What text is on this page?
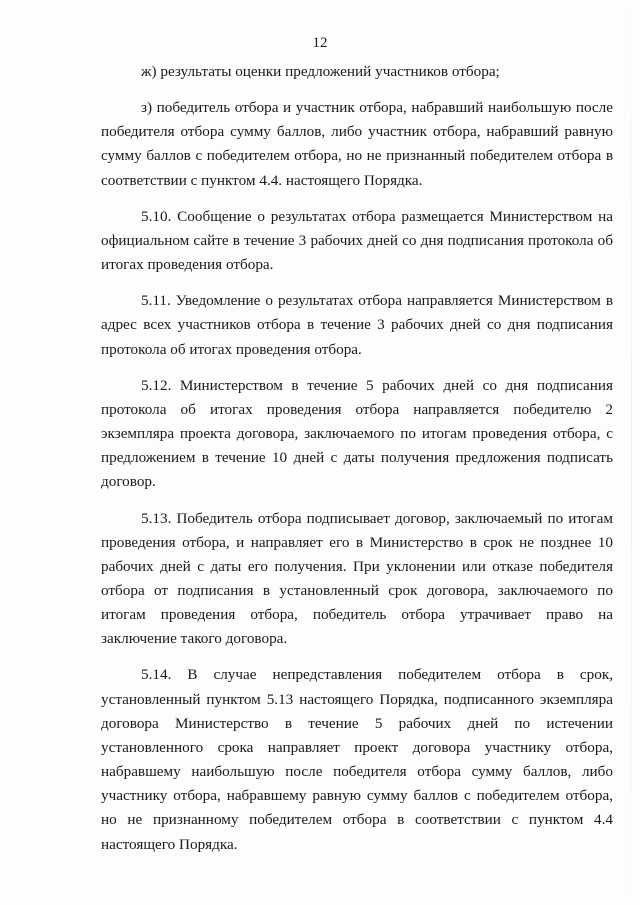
12

ж) результаты оценки предложений участников отбора;

з) победитель отбора и участник отбора, набравший наибольшую после победителя отбора сумму баллов, либо участник отбора, набравший равную сумму баллов с победителем отбора, но не признанный победителем отбора в соответствии с пунктом 4.4. настоящего Порядка.

5.10. Сообщение о результатах отбора размещается Министерством на официальном сайте в течение 3 рабочих дней со дня подписания протокола об итогах проведения отбора.

5.11. Уведомление о результатах отбора направляется Министерством в адрес всех участников отбора в течение 3 рабочих дней со дня подписания протокола об итогах проведения отбора.

5.12. Министерством в течение 5 рабочих дней со дня подписания протокола об итогах проведения отбора направляется победителю 2 экземпляра проекта договора, заключаемого по итогам проведения отбора, с предложением в течение 10 дней с даты получения предложения подписать договор.

5.13. Победитель отбора подписывает договор, заключаемый по итогам проведения отбора, и направляет его в Министерство в срок не позднее 10 рабочих дней с даты его получения. При уклонении или отказе победителя отбора от подписания в установленный срок договора, заключаемого по итогам проведения отбора, победитель отбора утрачивает право на заключение такого договора.

5.14. В случае непредставления победителем отбора в срок, установленный пунктом 5.13 настоящего Порядка, подписанного экземпляра договора Министерство в течение 5 рабочих дней по истечении установленного срока направляет проект договора участнику отбора, набравшему наибольшую после победителя отбора сумму баллов, либо участнику отбора, набравшему равную сумму баллов с победителем отбора, но не признанному победителем отбора в соответствии с пунктом 4.4 настоящего Порядка.
